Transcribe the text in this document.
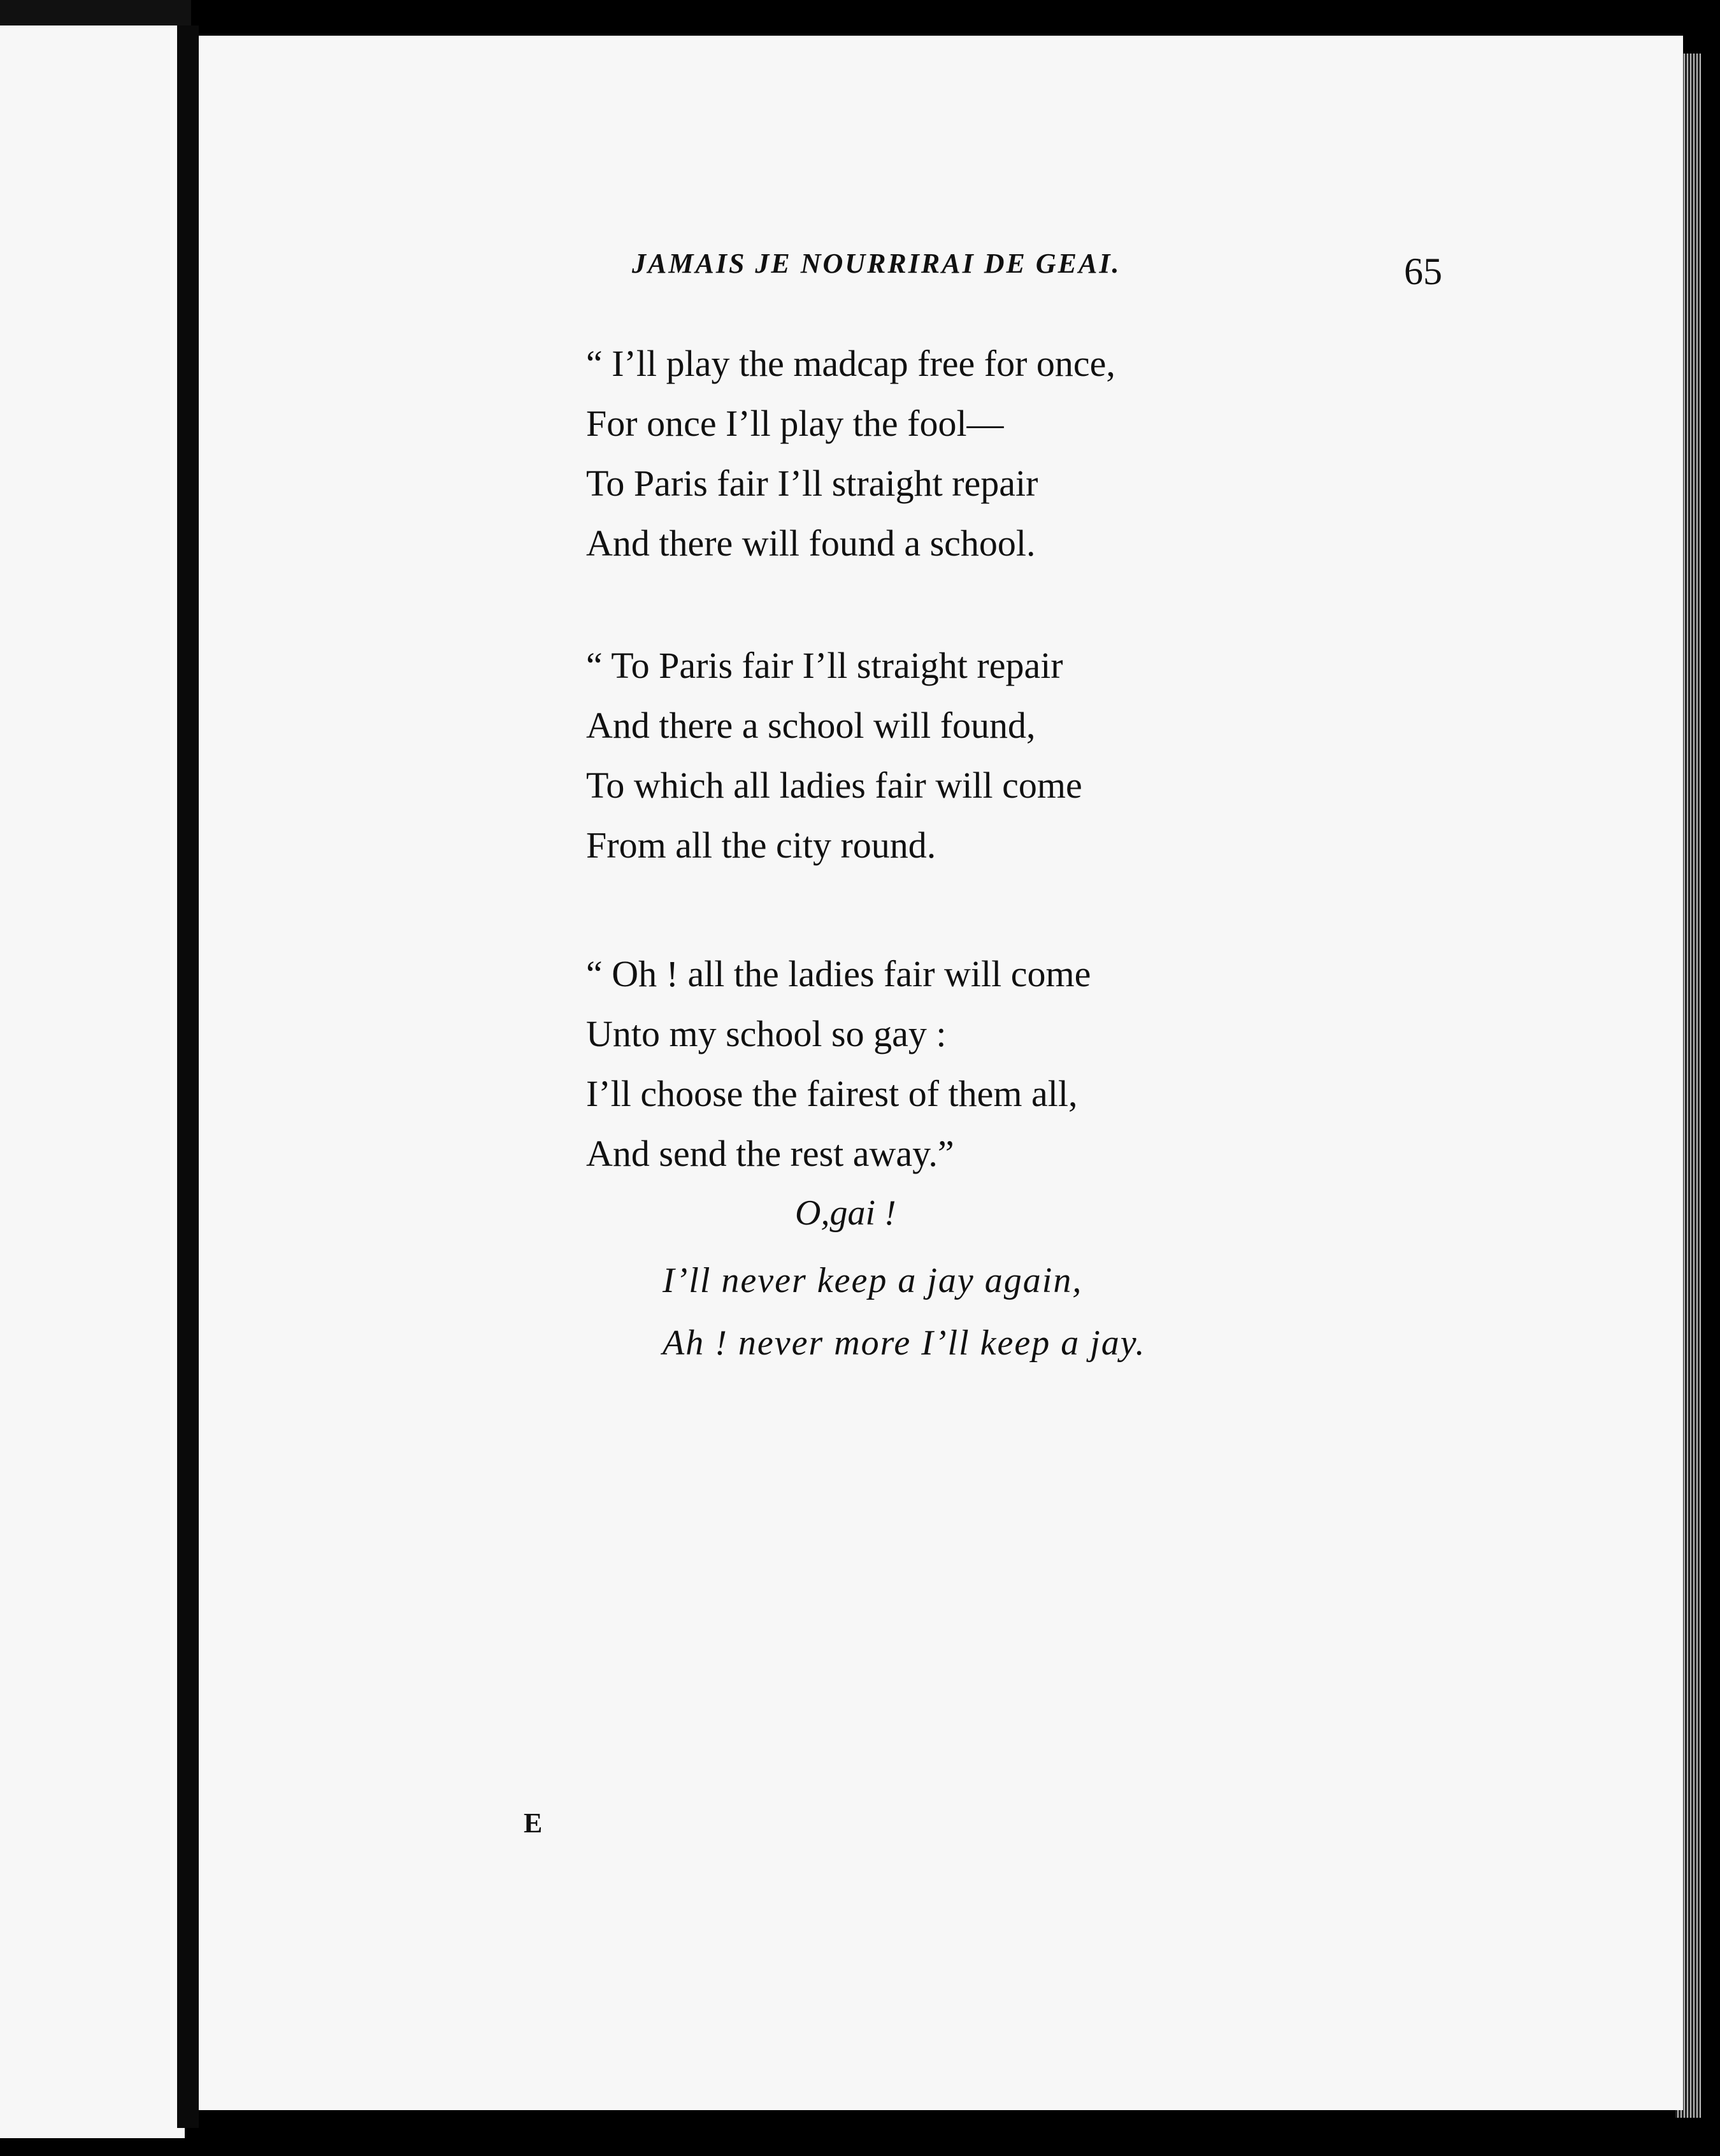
JAMAIS JE NOURRIRAI DE GEAI.	65
“ I’ll play the madcap free for once,
For once I’ll play the fool—
To Paris fair I’ll straight repair
And there will found a school.
“ To Paris fair I’ll straight repair
And there a school will found,
To which all ladies fair will come
From all the city round.
“ Oh ! all the ladies fair will come
Unto my school so gay :
I’ll choose the fairest of them all,
And send the rest away.”
O,gai !
I’ll never keep a jay again,
Ah ! never more I’ll keep a jay.
E
